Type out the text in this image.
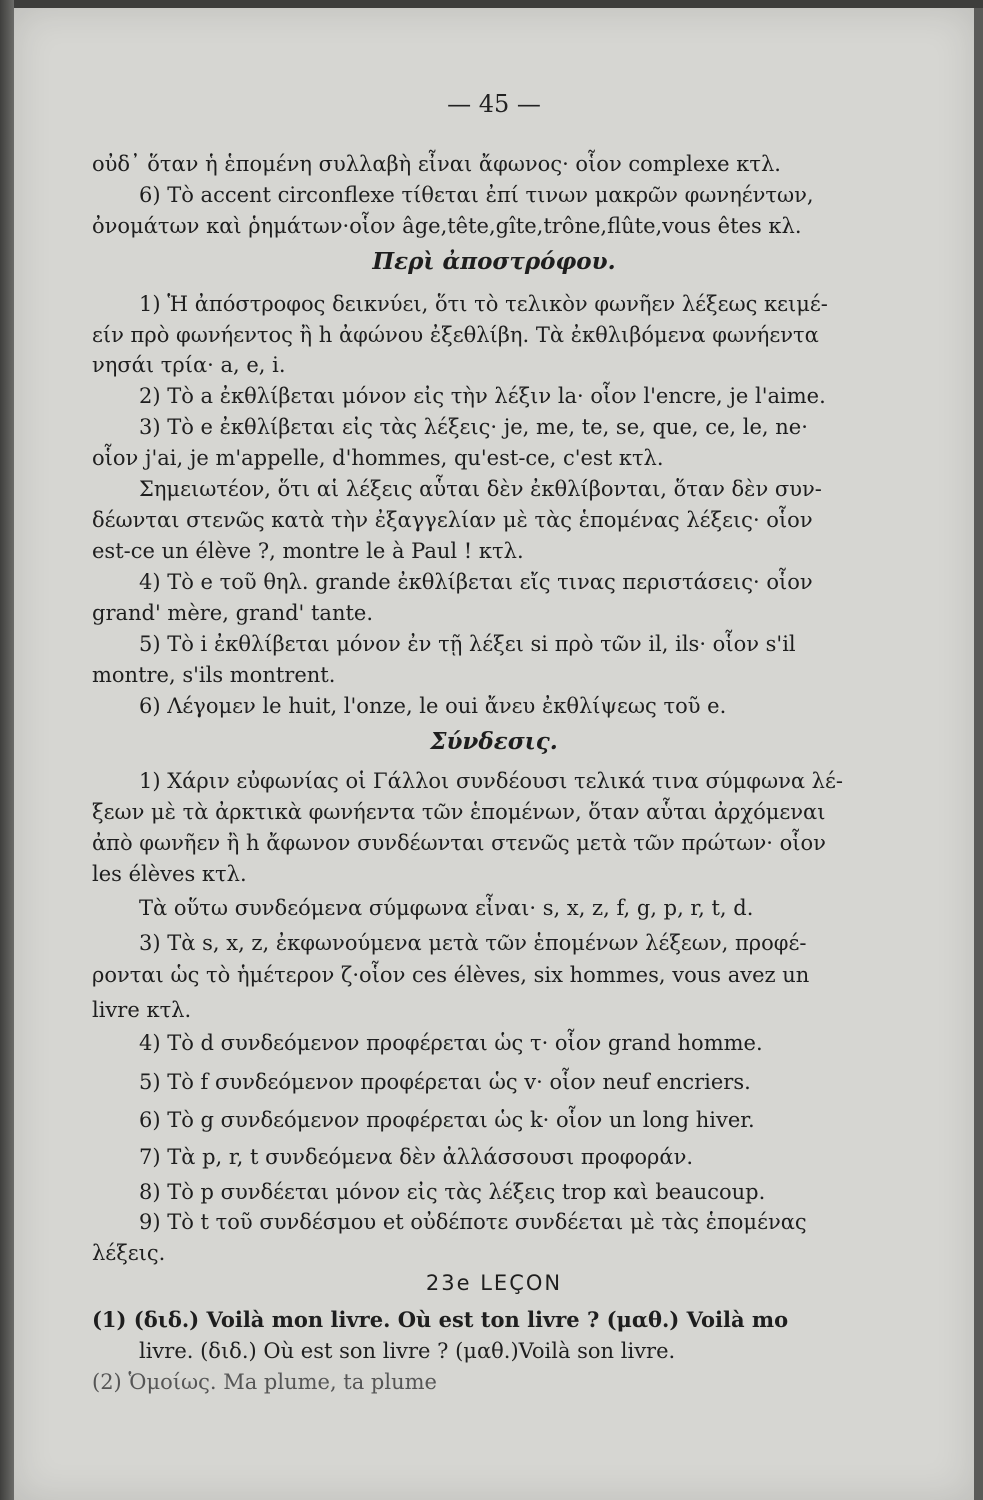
— 45 —
οὐδ᾽ ὅταν ἡ ἑπομένη συλλαβὴ εἶναι ἄφωνος· οἷον complexe κτλ.
6) Τὸ accent circonflexe τίθεται ἐπί τινων μακρῶν φωνηέντων,
ὀνομάτων καὶ ῥημάτων·οἷον âge,tête,gîte,trône,flûte,vous êtes κλ.
Περὶ ἀποστρόφου.
1) Ἡ ἀπόστροφος δεικνύει, ὅτι τὸ τελικὸν φωνῆεν λέξεως κειμέ-
είν πρὸ φωνήεντος ἢ h ἀφώνου ἐξεθλίβη. Τὰ ἐκθλιβόμενα φωνήεντα
νησάι τρία· a, e, i.
2) Τὸ a ἐκθλίβεται μόνον εἰς τὴν λέξιν la· οἷον l'encre, je l'aime.
3) Τὸ e ἐκθλίβεται εἰς τὰς λέξεις· je, me, te, se, que, ce, le, ne·
οἷον j'ai, je m'appelle, d'hommes, qu'est-ce, c'est κτλ.
Σημειωτέον, ὅτι αἱ λέξεις αὗται δὲν ἐκθλίβονται, ὅταν δὲν συν-
δέωνται στενῶς κατὰ τὴν ἐξαγγελίαν μὲ τὰς ἑπομένας λέξεις· οἷον
est-ce un élève ?, montre le à Paul ! κτλ.
4) Τὸ e τοῦ θηλ. grande ἐκθλίβεται εἴς τινας περιστάσεις· οἷον
grand' mère, grand' tante.
5) Τὸ i ἐκθλίβεται μόνον ἐν τῇ λέξει si πρὸ τῶν il, ils· οἷον s'il
montre, s'ils montrent.
6) Λέγομεν le huit, l'onze, le oui ἄνευ ἐκθλίψεως τοῦ e.
Σύνδεσις.
1) Χάριν εὐφωνίας οἱ Γάλλοι συνδέουσι τελικά τινα σύμφωνα λέ-
ξεων μὲ τὰ ἀρκτικὰ φωνήεντα τῶν ἑπομένων, ὅταν αὗται ἀρχόμεναι
ἀπὸ φωνῆεν ἢ h ἄφωνον συνδέωνται στενῶς μετὰ τῶν πρώτων· οἷον
les élèves κτλ.
Τὰ οὕτω συνδεόμενα σύμφωνα εἶναι· s, x, z, f, g, p, r, t, d.
3) Τὰ s, x, z, ἐκφωνούμενα μετὰ τῶν ἑπομένων λέξεων, προφέ-
ρονται ὡς τὸ ἡμέτερον ζ·οἷον ces élèves, six hommes, vous avez un
livre κτλ.
4) Τὸ d συνδεόμενον προφέρεται ὡς τ· οἷον grand homme.
5) Τὸ f συνδεόμενον προφέρεται ὡς v· οἷον neuf encriers.
6) Τὸ g συνδεόμενον προφέρεται ὡς k· οἷον un long hiver.
7) Τὰ p, r, t συνδεόμενα δὲν ἀλλάσσουσι προφοράν.
8) Τὸ p συνδέεται μόνον εἰς τὰς λέξεις trop καὶ beaucoup.
9) Τὸ t τοῦ συνδέσμου et οὐδέποτε συνδέεται μὲ τὰς ἑπομένας
λέξεις.
23e LEÇON
(1) (διδ.) Voilà mon livre. Où est ton livre ? (μαθ.) Voilà mo
livre. (διδ.) Où est son livre ? (μαθ.)Voilà son livre.
(2) Ὁμοίως. Ma plume, ta plume
